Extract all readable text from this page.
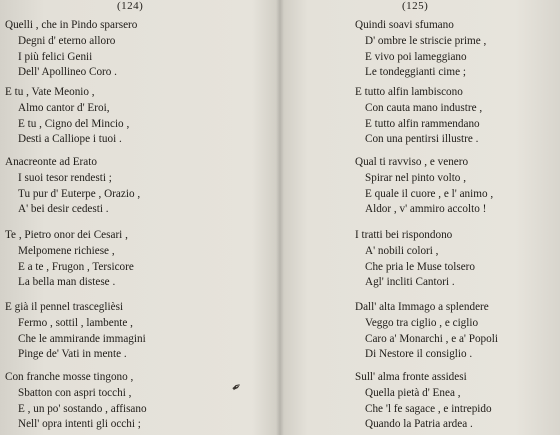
(124)
Quelli , che in Pindo sparsero
Degni d' eterno alloro
I più felici Genii
Dell' Apollineo Coro .
E tu , Vate Meonio ,
Almo cantor d' Eroi,
E tu , Cigno del Mincio ,
Desti a Calliope i tuoi .
Anacreonte ad Erato
I suoi tesor rendesti ;
Tu pur d' Euterpe , Orazio ,
A' bei desir cedesti .
Te , Pietro onor dei Cesari ,
Melpomene richiese ,
E a te , Frugon , Tersicore
La bella man distese .
E già il pennel trasceglièsi
Fermo , sottil , lambente ,
Che le ammirande immagini
Pinge de' Vati in mente .
Con franche mosse tingono ,
Sbatton con aspri tocchi ,
E , un po' sostando , affisano
Nell' opra intenti gli occhi ;
✒
(125)
Quindi soavi sfumano
D' ombre le striscie prime ,
E vivo poi lameggiano
Le tondeggianti cime ;
E tutto alfin lambiscono
Con cauta mano industre ,
E tutto alfin rammendano
Con una pentirsi illustre .
Qual ti ravviso , e venero
Spirar nel pinto volto ,
E quale il cuore , e l' animo ,
Aldor , v' ammiro accolto !
I tratti bei rispondono
A' nobili colori ,
Che pria le Muse tolsero
Agl' incliti Cantori .
Dall' alta Immago a splendere
Veggo tra ciglio , e ciglio
Caro a' Monarchi , e a' Popoli
Di Nestore il consiglio .
Sull' alma fronte assidesi
Quella pietà d' Enea ,
Che 'l fe sagace , e intrepido
Quando la Patria ardea .
